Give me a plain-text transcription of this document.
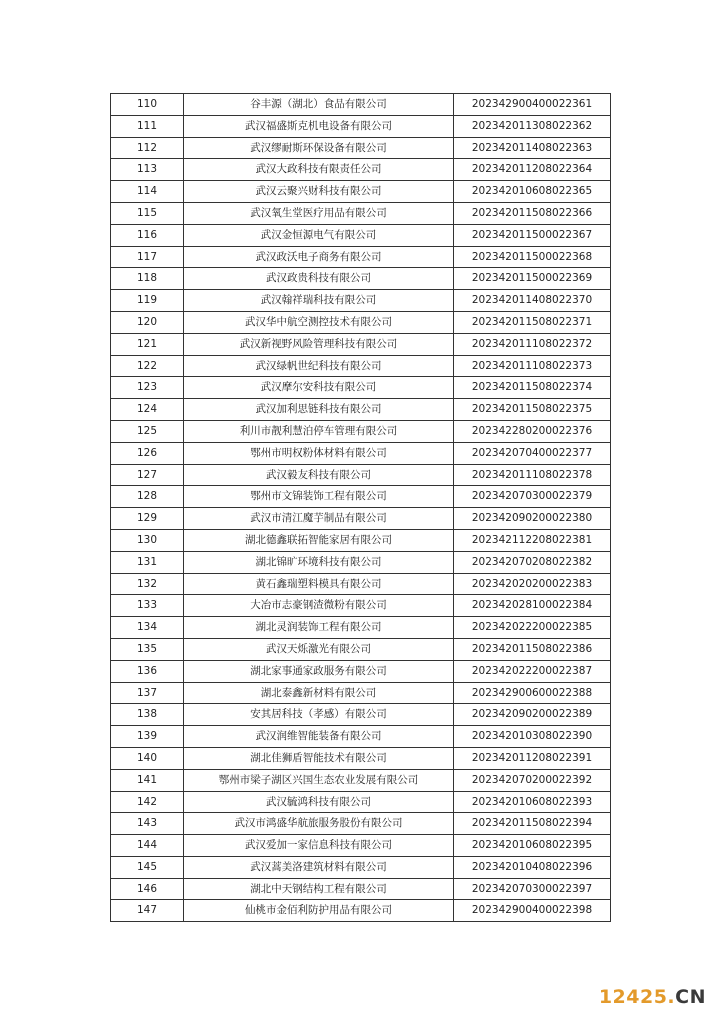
110	谷丰源（湖北）食品有限公司	202342900400022361
111	武汉福盛斯克机电设备有限公司	202342011308022362
112	武汉缪耐斯环保设备有限公司	202342011408022363
113	武汉大政科技有限责任公司	202342011208022364
114	武汉云聚兴财科技有限公司	202342010608022365
115	武汉氧生堂医疗用品有限公司	202342011508022366
116	武汉金恒源电气有限公司	202342011500022367
117	武汉政沃电子商务有限公司	202342011500022368
118	武汉政贵科技有限公司	202342011500022369
119	武汉翰祥瑞科技有限公司	202342011408022370
120	武汉华中航空测控技术有限公司	202342011508022371
121	武汉新视野风险管理科技有限公司	202342011108022372
122	武汉绿帆世纪科技有限公司	202342011108022373
123	武汉摩尔安科技有限公司	202342011508022374
124	武汉加利思链科技有限公司	202342011508022375
125	利川市靓利慧泊停车管理有限公司	202342280200022376
126	鄂州市明权粉体材料有限公司	202342070400022377
127	武汉毅友科技有限公司	202342011108022378
128	鄂州市文锦装饰工程有限公司	202342070300022379
129	武汉市清江魔芋制品有限公司	202342090200022380
130	湖北德鑫联拓智能家居有限公司	202342112208022381
131	湖北锦旷环境科技有限公司	202342070208022382
132	黄石鑫瑞塑料模具有限公司	202342020200022383
133	大冶市志豪钢渣微粉有限公司	202342028100022384
134	湖北灵润装饰工程有限公司	202342022200022385
135	武汉天烁激光有限公司	202342011508022386
136	湖北家事通家政服务有限公司	202342022200022387
137	湖北泰鑫新材料有限公司	202342900600022388
138	安其居科技（孝感）有限公司	202342090200022389
139	武汉润维智能装备有限公司	202342010308022390
140	湖北佳狮盾智能技术有限公司	202342011208022391
141	鄂州市梁子湖区兴国生态农业发展有限公司	202342070200022392
142	武汉毓鸿科技有限公司	202342010608022393
143	武汉市鸿盛华航旅服务股份有限公司	202342011508022394
144	武汉爱加一家信息科技有限公司	202342010608022395
145	武汉蒿美洛建筑材料有限公司	202342010408022396
146	湖北中天钢结构工程有限公司	202342070300022397
147	仙桃市金佰利防护用品有限公司	202342900400022398
12425.CN
